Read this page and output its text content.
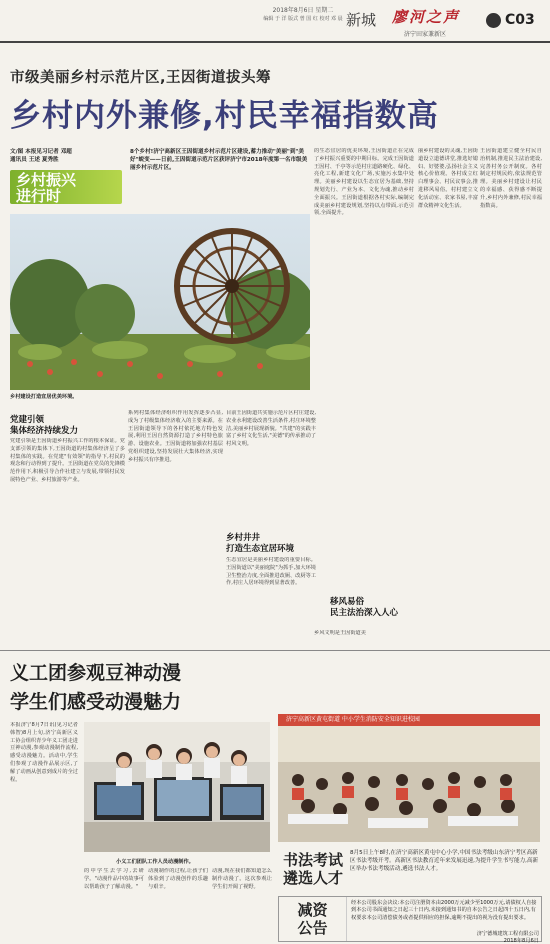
2018年8月6日 星期二
编辑 于 洋 版式 曾 国 红 校对 邓 晨 新城 廖河之声
济宁田家兼新区
C03
市级美丽乡村示范片区,王因街道拔头筹
乡村内外兼修,村民幸福指数高
文/图 本报见习记者 邓超
通讯员 王述 夏秀胜
乡村振兴
进行时
8个乡村!济宁高新区王因街道乡村示范片区建设,蓄力推动"美丽"到"美好"蜕变——日前,王因街道示范片区获评济宁市2018年度第一名市级美丽乡村示范片区。
乡村建设打造宜居优美环境。
党建引领
集体经济持续发力
党建引领是王因街道乡村振兴工作的根本保证。党支部引领的集体下,王因街道的村集体经济呈了多村集体的实践。在党建"有效领"的指导下,村民的观念和行动得到了提升。王因街道在党员的先锋模范作用下,积极引导合作社建立与发展,带领村民发展特色产业、乡村旅游等产业。
系列村集体经济组织作用发挥逐步凸显,成为了村级集体经济收入的主要来源。在王因街道领导下的各村依托地方特色发展,利用王因自然资源打造了乡村特色旅游、设施农业。王因街道将加强农村基层党组织建设,坚持发展壮大集体经济,实现乡村振兴有序推进。
目前王因街道共实施示范片区村庄建设,农业水利建设改善生活条件,村庄环境整洁,美丽乡村展现新貌。"共建"的实践丰富了乡村文化生活,"美德"的传承推动了村风文明。
乡村井井
打造生态宜居环境
生态宜居是美丽乡村建设的重要目标。王因街道以"美丽庭院"为抓手,加大环境卫生整治力度,全面推进改厕、改厨等工作,村庄人居环境得到显著改善。
的生态宜居的优美环境,王因街道正在完成了乡村振兴重要的中期目标。完成王因街道王因村、千亭等示范村庄道路硬化、绿化、亮化工程,新建文化广场,实施污水集中处理。美丽乡村建设以生态宜居为基础,坚持规划先行、产业为本、文化为魂,推动乡村全面振兴。王因街道根据各村实际,编制完成美丽乡村建设规划,坚持以点带面,示范引领,全面提升。
移风易俗
民主法治深入人心
乡风文明是王因街道美
丽乡村建设的灵魂,王因街道设立道德讲堂,推选好媳妇、好婆婆,弘扬社会主义核心价值观。各村成立红白理事会、村民议事会,推进移风易俗。村村建立文化活动室、农家书屋,丰富群众精神文化生活。
王因街道建立健全村民自治机制,推进民主法治建设,完善村务公开制度。各村制定村规民约,依法规范管理。美丽乡村建设让村民的幸福感、获得感不断提升,乡村内外兼修,村民幸福指数高。
义工团参观豆神动漫
学生们感受动漫魅力
本报济宁8月7日讯(见习记者 韩智)8月上旬,济宁高新区义工协会组织青少年义工团走进豆神动漫,参观动漫制作流程,感受动漫魅力。活动中,学生们参观了动漫作品展示区,了解了动画从创意到成片的全过程。
小义工们团队工作人员动漫制作。
的中学生去学习,去研学。"动漫作品中的故事可以帮助孩子了解动漫。"
动漫制作的过程,让孩子们体验到了动漫创作的乐趣与艰辛。
动漫,现在我们都知道怎么制作动漫了。这次参观让学生们开阔了视野。
济宁高新区黄屯街道 中小学生消防安全知识进校园
书法考试
遴选人才
8月5日上午8时,在济宁高新区黄屯中心小学,中国书法考级山东济宁考区高新区书法考级开考。高新区书法教育近年来发展迅速,为提升学生书写能力,高新区举办书法考级活动,遴选书法人才。
减资
公告
经本公司股东会决议:本公司注册资本由2000万元减少至1000万元,请债权人自接到本公司书面通知之日起三十日内,未接到通知书的自本公告之日起四十五日内,有权要求本公司清偿债务或者提供相应的担保,逾期不提出的视为没有提出要求。
济宁德城建筑工程有限公司
2018年8月6日
